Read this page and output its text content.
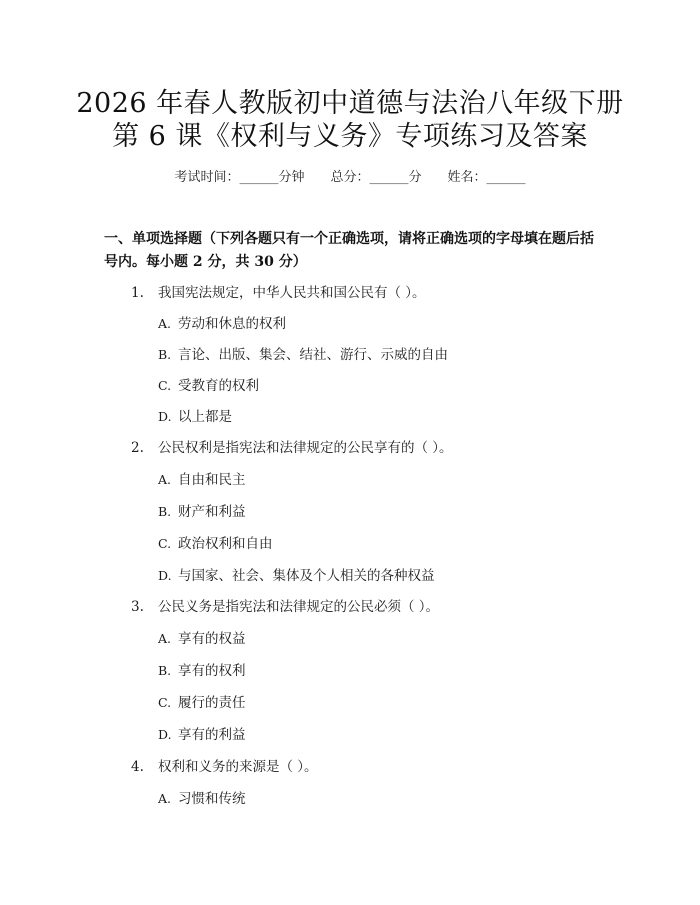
2026 年春人教版初中道德与法治八年级下册
第 6 课《权利与义务》专项练习及答案
考试时间：______分钟 总分：______分 姓名：______
一、单项选择题（下列各题只有一个正确选项，请将正确选项的字母填在题后括号内。每小题 2 分，共 30 分）
1. 我国宪法规定，中华人民共和国公民有（ ）。
A. 劳动和休息的权利
B. 言论、出版、集会、结社、游行、示威的自由
C. 受教育的权利
D. 以上都是
2. 公民权利是指宪法和法律规定的公民享有的（ ）。
A. 自由和民主
B. 财产和利益
C. 政治权利和自由
D. 与国家、社会、集体及个人相关的各种权益
3. 公民义务是指宪法和法律规定的公民必须（ ）。
A. 享有的权益
B. 享有的权利
C. 履行的责任
D. 享有的利益
4. 权利和义务的来源是（ ）。
A. 习惯和传统
